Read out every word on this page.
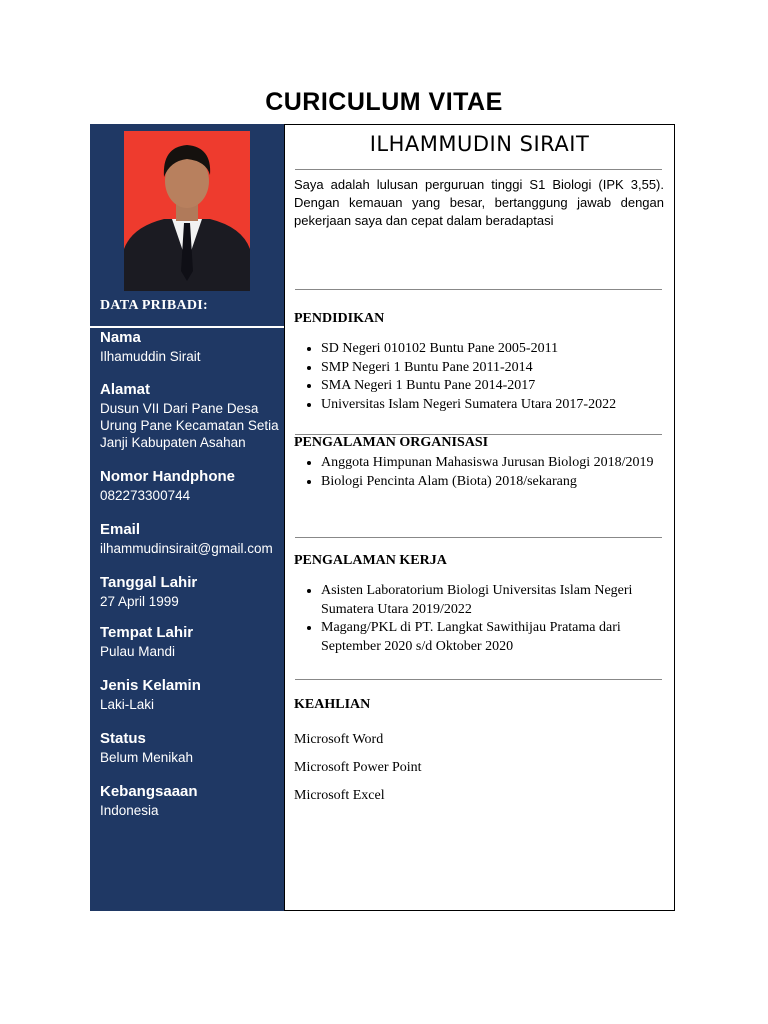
CURICULUM VITAE
DATA PRIBADI:
Nama
Ilhamuddin Sirait
Alamat
Dusun VII Dari Pane Desa Urung Pane Kecamatan Setia Janji Kabupaten Asahan
Nomor Handphone
082273300744
Email
ilhammudinsirait@gmail.com
Tanggal Lahir
27 April 1999
Tempat Lahir
Pulau Mandi
Jenis Kelamin
Laki-Laki
Status
Belum Menikah
Kebangsaaan
Indonesia
ILHAMMUDIN SIRAIT
Saya adalah lulusan perguruan tinggi S1 Biologi (IPK 3,55). Dengan kemauan yang besar, bertanggung jawab dengan pekerjaan saya dan cepat dalam beradaptasi
PENDIDIKAN
• SD Negeri 010102 Buntu Pane 2005-2011
• SMP Negeri 1 Buntu Pane 2011-2014
• SMA Negeri 1 Buntu Pane 2014-2017
• Universitas Islam Negeri Sumatera Utara 2017-2022
PENGALAMAN ORGANISASI
• Anggota Himpunan Mahasiswa Jurusan Biologi 2018/2019
• Biologi Pencinta Alam (Biota) 2018/sekarang
PENGALAMAN KERJA
• Asisten Laboratorium Biologi Universitas Islam Negeri Sumatera Utara 2019/2022
• Magang/PKL di PT. Langkat Sawithijau Pratama dari September 2020 s/d Oktober 2020
KEAHLIAN
Microsoft Word
Microsoft Power Point
Microsoft Excel
